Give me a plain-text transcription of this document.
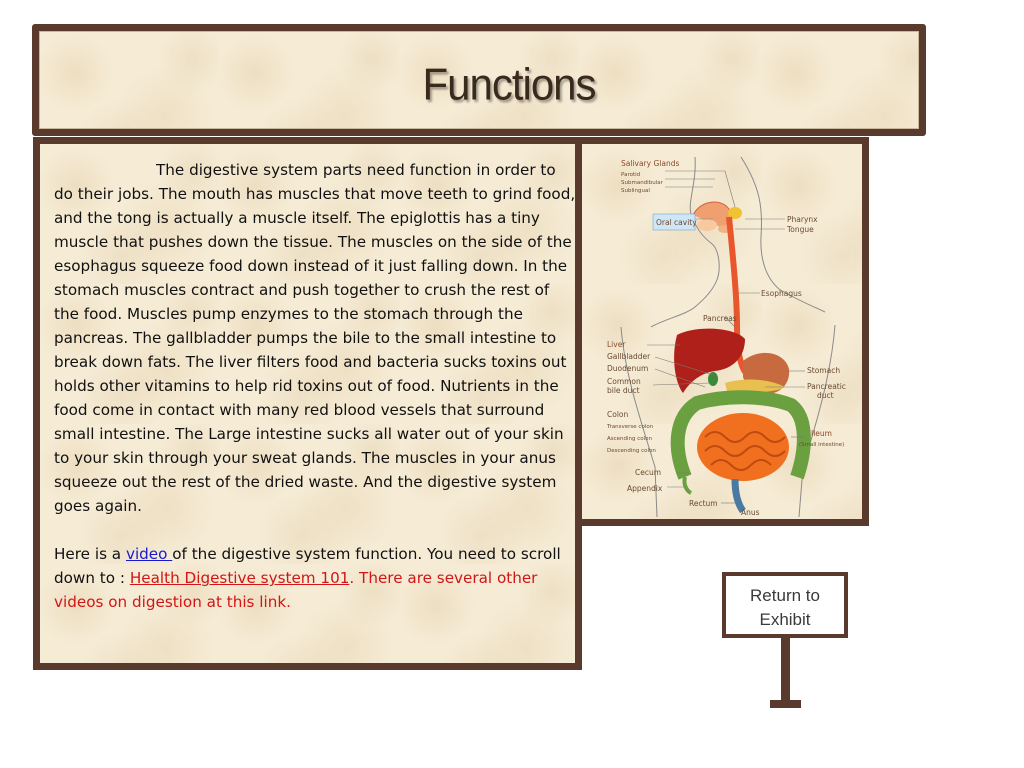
Functions

The digestive system parts need function in order to do their jobs. The mouth has muscles that move teeth to grind food, and the tong is actually a muscle itself. The epiglottis has a tiny muscle that pushes down the tissue. The muscles on the side of the esophagus squeeze food down instead of it just falling down. In the stomach muscles contract and push together to crush the rest of the food. Muscles pump enzymes to the stomach through the pancreas. The gallbladder pumps the bile to the small intestine to break down fats. The liver filters food and bacteria sucks toxins out holds other vitamins to help rid toxins out of food. Nutrients in the food come in contact with many red blood vessels that surround small intestine. The Large intestine sucks all water out of your skin to your skin through your sweat glands. The muscles in your anus squeeze out the rest of the dried waste. And the digestive system goes again.

Here is a video of the digestive system function. You need to scroll down to : Health Digestive system 101. There are several other videos on digestion at this link.

Salivary Glands
Parotid
Submandibular
Sublingual
Oral cavity	Pharynx
Tongue
Esophagus
Pancreas
Liver
Gallbladder
Duodenum
Common
bile duct
Stomach
Pancreatic
duct
Colon
Transverse colon
Ascending colon
Descending colon
Ileum
(Small intestine)
Cecum
Appendix
Rectum
Anus
Return to
Exhibit
